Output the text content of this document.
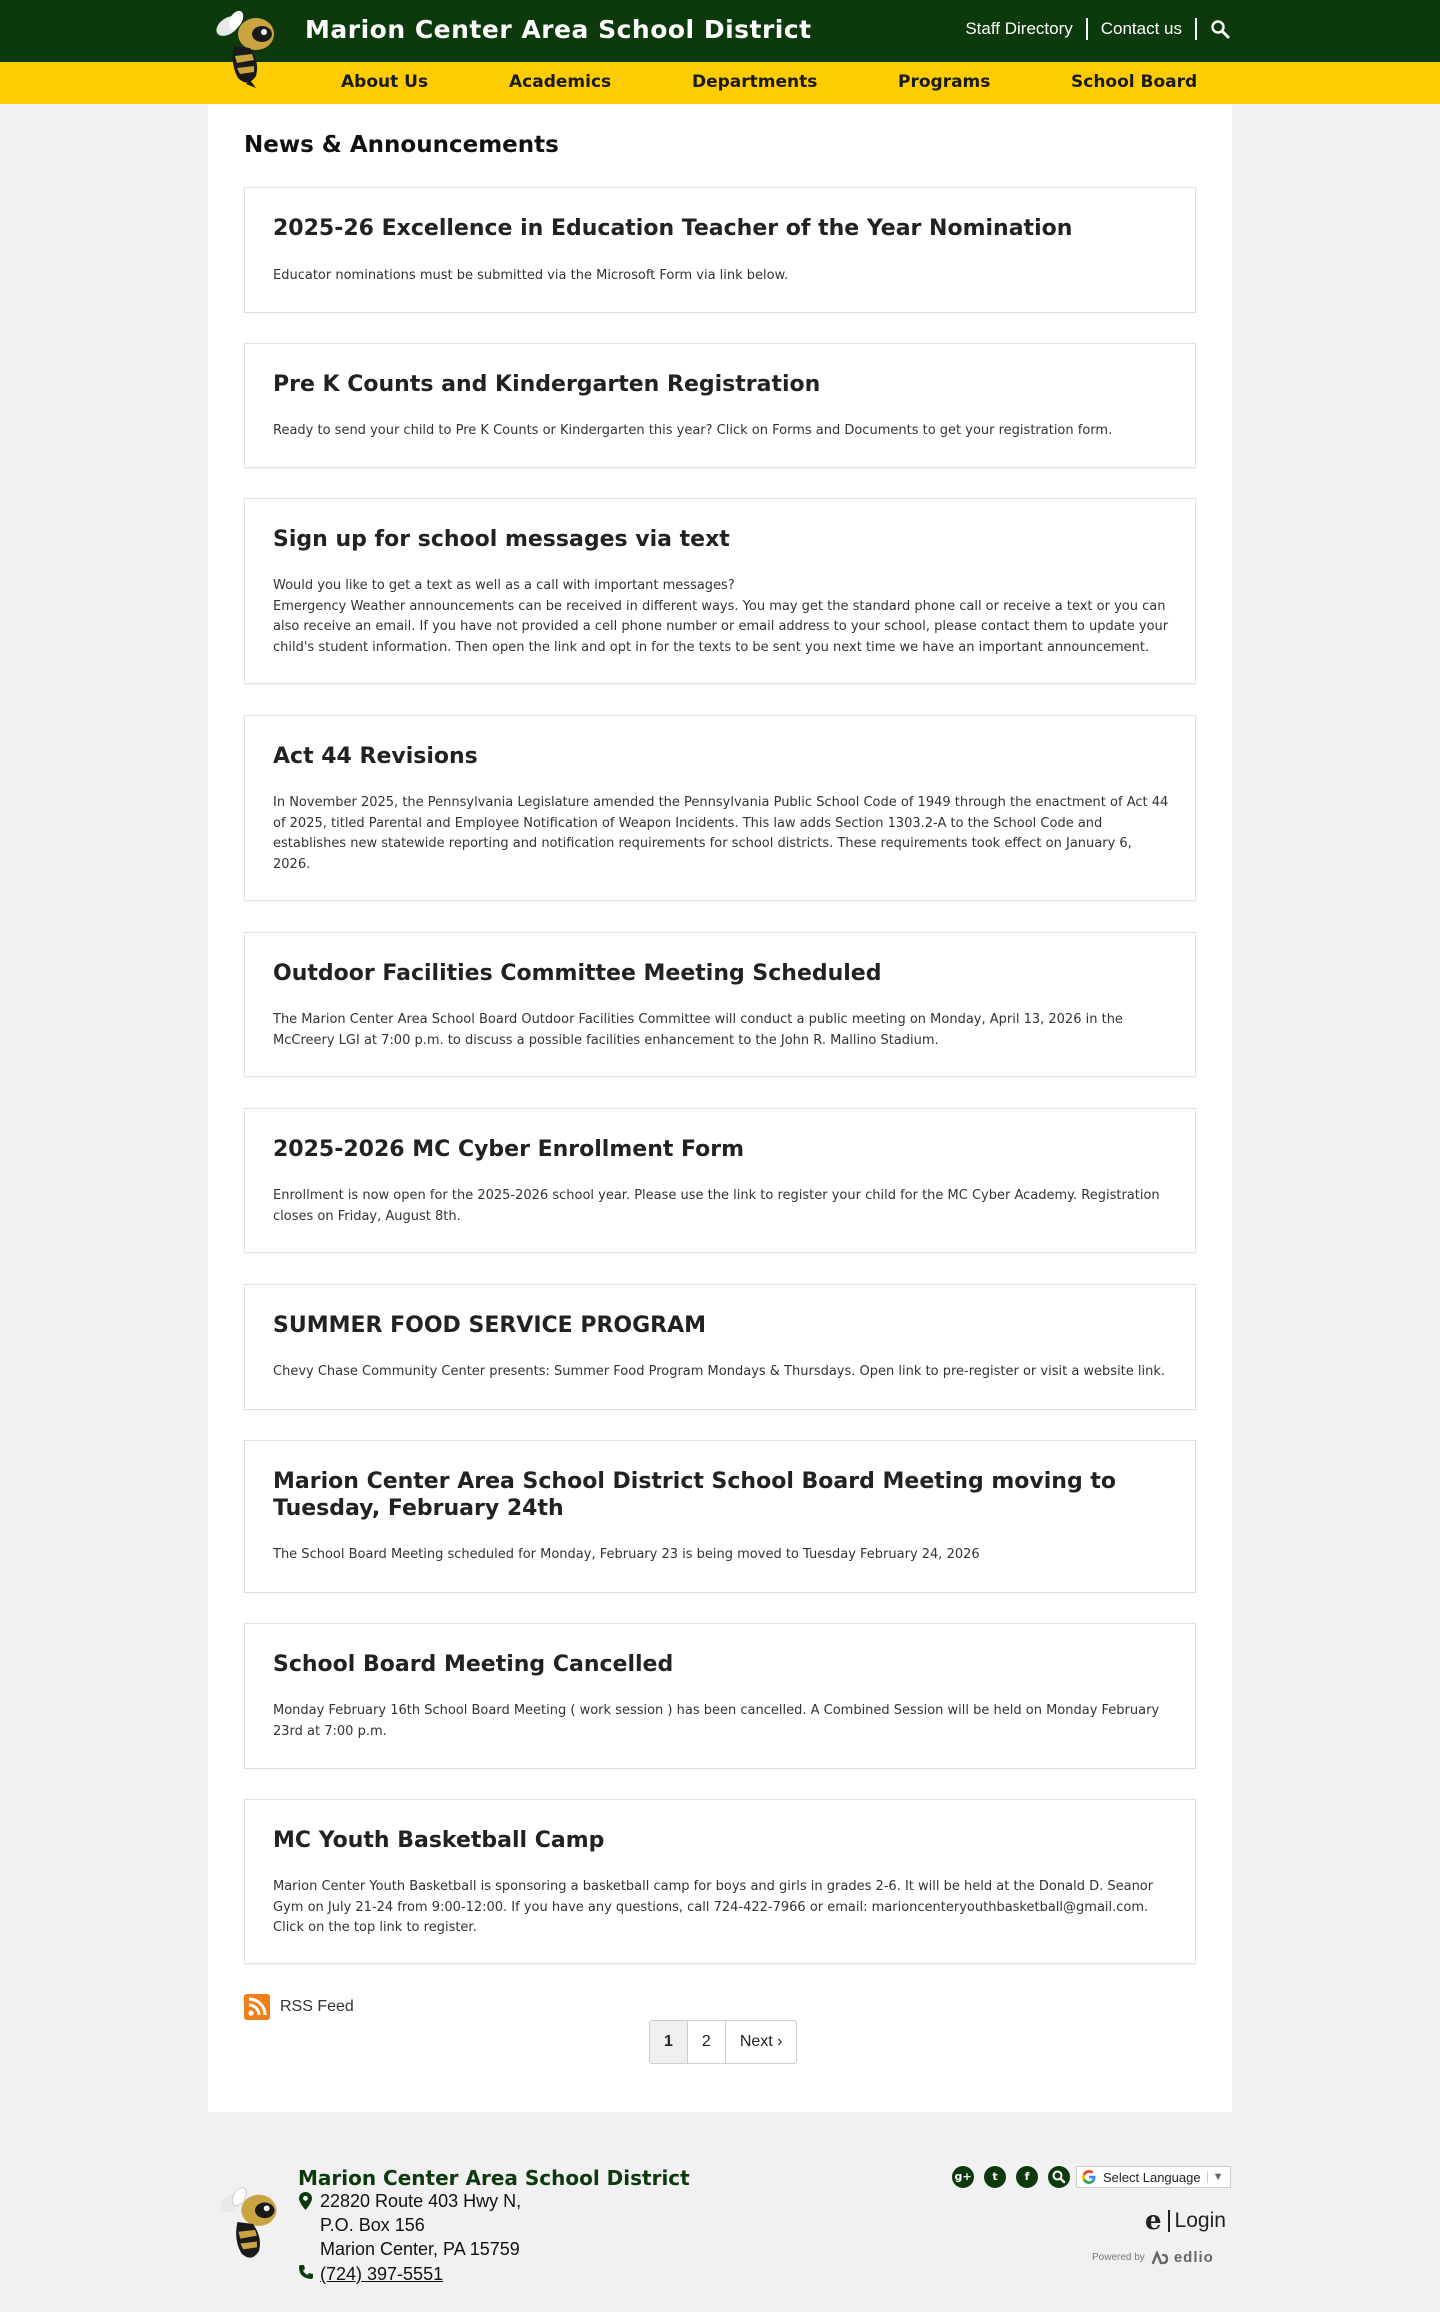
Marion Center Area School District	Staff Directory Contact us
About Us	Academics	Departments	Programs	School Board
News & Announcements
2025-26 Excellence in Education Teacher of the Year Nomination
Educator nominations must be submitted via the Microsoft Form via link below.
Pre K Counts and Kindergarten Registration
Ready to send your child to Pre K Counts or Kindergarten this year? Click on Forms and Documents to get your registration form.
Sign up for school messages via text
Would you like to get a text as well as a call with important messages?
Emergency Weather announcements can be received in different ways. You may get the standard phone call or receive a text or you can also receive an email. If you have not provided a cell phone number or email address to your school, please contact them to update your child's student information. Then open the link and opt in for the texts to be sent you next time we have an important announcement.
Act 44 Revisions
In November 2025, the Pennsylvania Legislature amended the Pennsylvania Public School Code of 1949 through the enactment of Act 44 of 2025, titled Parental and Employee Notification of Weapon Incidents. This law adds Section 1303.2-A to the School Code and establishes new statewide reporting and notification requirements for school districts. These requirements took effect on January 6, 2026.
Outdoor Facilities Committee Meeting Scheduled
The Marion Center Area School Board Outdoor Facilities Committee will conduct a public meeting on Monday, April 13, 2026 in the McCreery LGI at 7:00 p.m. to discuss a possible facilities enhancement to the John R. Mallino Stadium.
2025-2026 MC Cyber Enrollment Form
Enrollment is now open for the 2025-2026 school year. Please use the link to register your child for the MC Cyber Academy. Registration closes on Friday, August 8th.
SUMMER FOOD SERVICE PROGRAM
Chevy Chase Community Center presents: Summer Food Program Mondays & Thursdays. Open link to pre-register or visit a website link.
Marion Center Area School District School Board Meeting moving to Tuesday, February 24th
The School Board Meeting scheduled for Monday, February 23 is being moved to Tuesday February 24, 2026
School Board Meeting Cancelled
Monday February 16th School Board Meeting ( work session ) has been cancelled. A Combined Session will be held on Monday February 23rd at 7:00 p.m.
MC Youth Basketball Camp
Marion Center Youth Basketball is sponsoring a basketball camp for boys and girls in grades 2-6. It will be held at the Donald D. Seanor Gym on July 21-24 from 9:00-12:00. If you have any questions, call 724-422-7966 or email: marioncenteryouthbasketball@gmail.com. Click on the top link to register.
RSS Feed
1	2	Next ›
Marion Center Area School District
22820 Route 403 Hwy N,
P.O. Box 156
Marion Center, PA 15759
(724) 397-5551
g+	t	f	Select Language	▼
e Login
Powered by edlio
